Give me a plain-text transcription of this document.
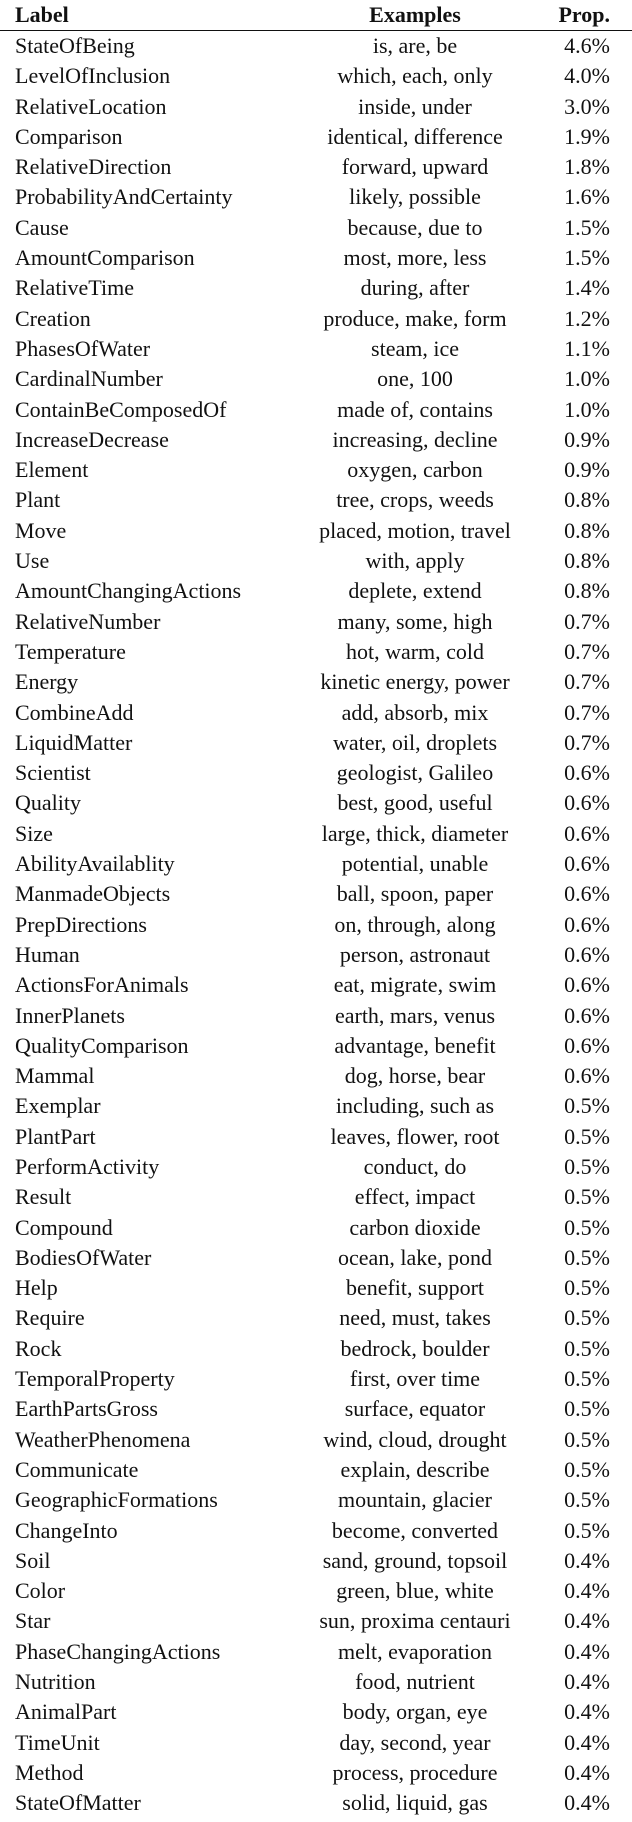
Label	Examples	Prop.
StateOfBeing	is, are, be	4.6%
LevelOfInclusion	which, each, only	4.0%
RelativeLocation	inside, under	3.0%
Comparison	identical, difference	1.9%
RelativeDirection	forward, upward	1.8%
ProbabilityAndCertainty	likely, possible	1.6%
Cause	because, due to	1.5%
AmountComparison	most, more, less	1.5%
RelativeTime	during, after	1.4%
Creation	produce, make, form	1.2%
PhasesOfWater	steam, ice	1.1%
CardinalNumber	one, 100	1.0%
ContainBeComposedOf	made of, contains	1.0%
IncreaseDecrease	increasing, decline	0.9%
Element	oxygen, carbon	0.9%
Plant	tree, crops, weeds	0.8%
Move	placed, motion, travel	0.8%
Use	with, apply	0.8%
AmountChangingActions	deplete, extend	0.8%
RelativeNumber	many, some, high	0.7%
Temperature	hot, warm, cold	0.7%
Energy	kinetic energy, power	0.7%
CombineAdd	add, absorb, mix	0.7%
LiquidMatter	water, oil, droplets	0.7%
Scientist	geologist, Galileo	0.6%
Quality	best, good, useful	0.6%
Size	large, thick, diameter	0.6%
AbilityAvailablity	potential, unable	0.6%
ManmadeObjects	ball, spoon, paper	0.6%
PrepDirections	on, through, along	0.6%
Human	person, astronaut	0.6%
ActionsForAnimals	eat, migrate, swim	0.6%
InnerPlanets	earth, mars, venus	0.6%
QualityComparison	advantage, benefit	0.6%
Mammal	dog, horse, bear	0.6%
Exemplar	including, such as	0.5%
PlantPart	leaves, flower, root	0.5%
PerformActivity	conduct, do	0.5%
Result	effect, impact	0.5%
Compound	carbon dioxide	0.5%
BodiesOfWater	ocean, lake, pond	0.5%
Help	benefit, support	0.5%
Require	need, must, takes	0.5%
Rock	bedrock, boulder	0.5%
TemporalProperty	first, over time	0.5%
EarthPartsGross	surface, equator	0.5%
WeatherPhenomena	wind, cloud, drought	0.5%
Communicate	explain, describe	0.5%
GeographicFormations	mountain, glacier	0.5%
ChangeInto	become, converted	0.5%
Soil	sand, ground, topsoil	0.4%
Color	green, blue, white	0.4%
Star	sun, proxima centauri	0.4%
PhaseChangingActions	melt, evaporation	0.4%
Nutrition	food, nutrient	0.4%
AnimalPart	body, organ, eye	0.4%
TimeUnit	day, second, year	0.4%
Method	process, procedure	0.4%
StateOfMatter	solid, liquid, gas	0.4%
